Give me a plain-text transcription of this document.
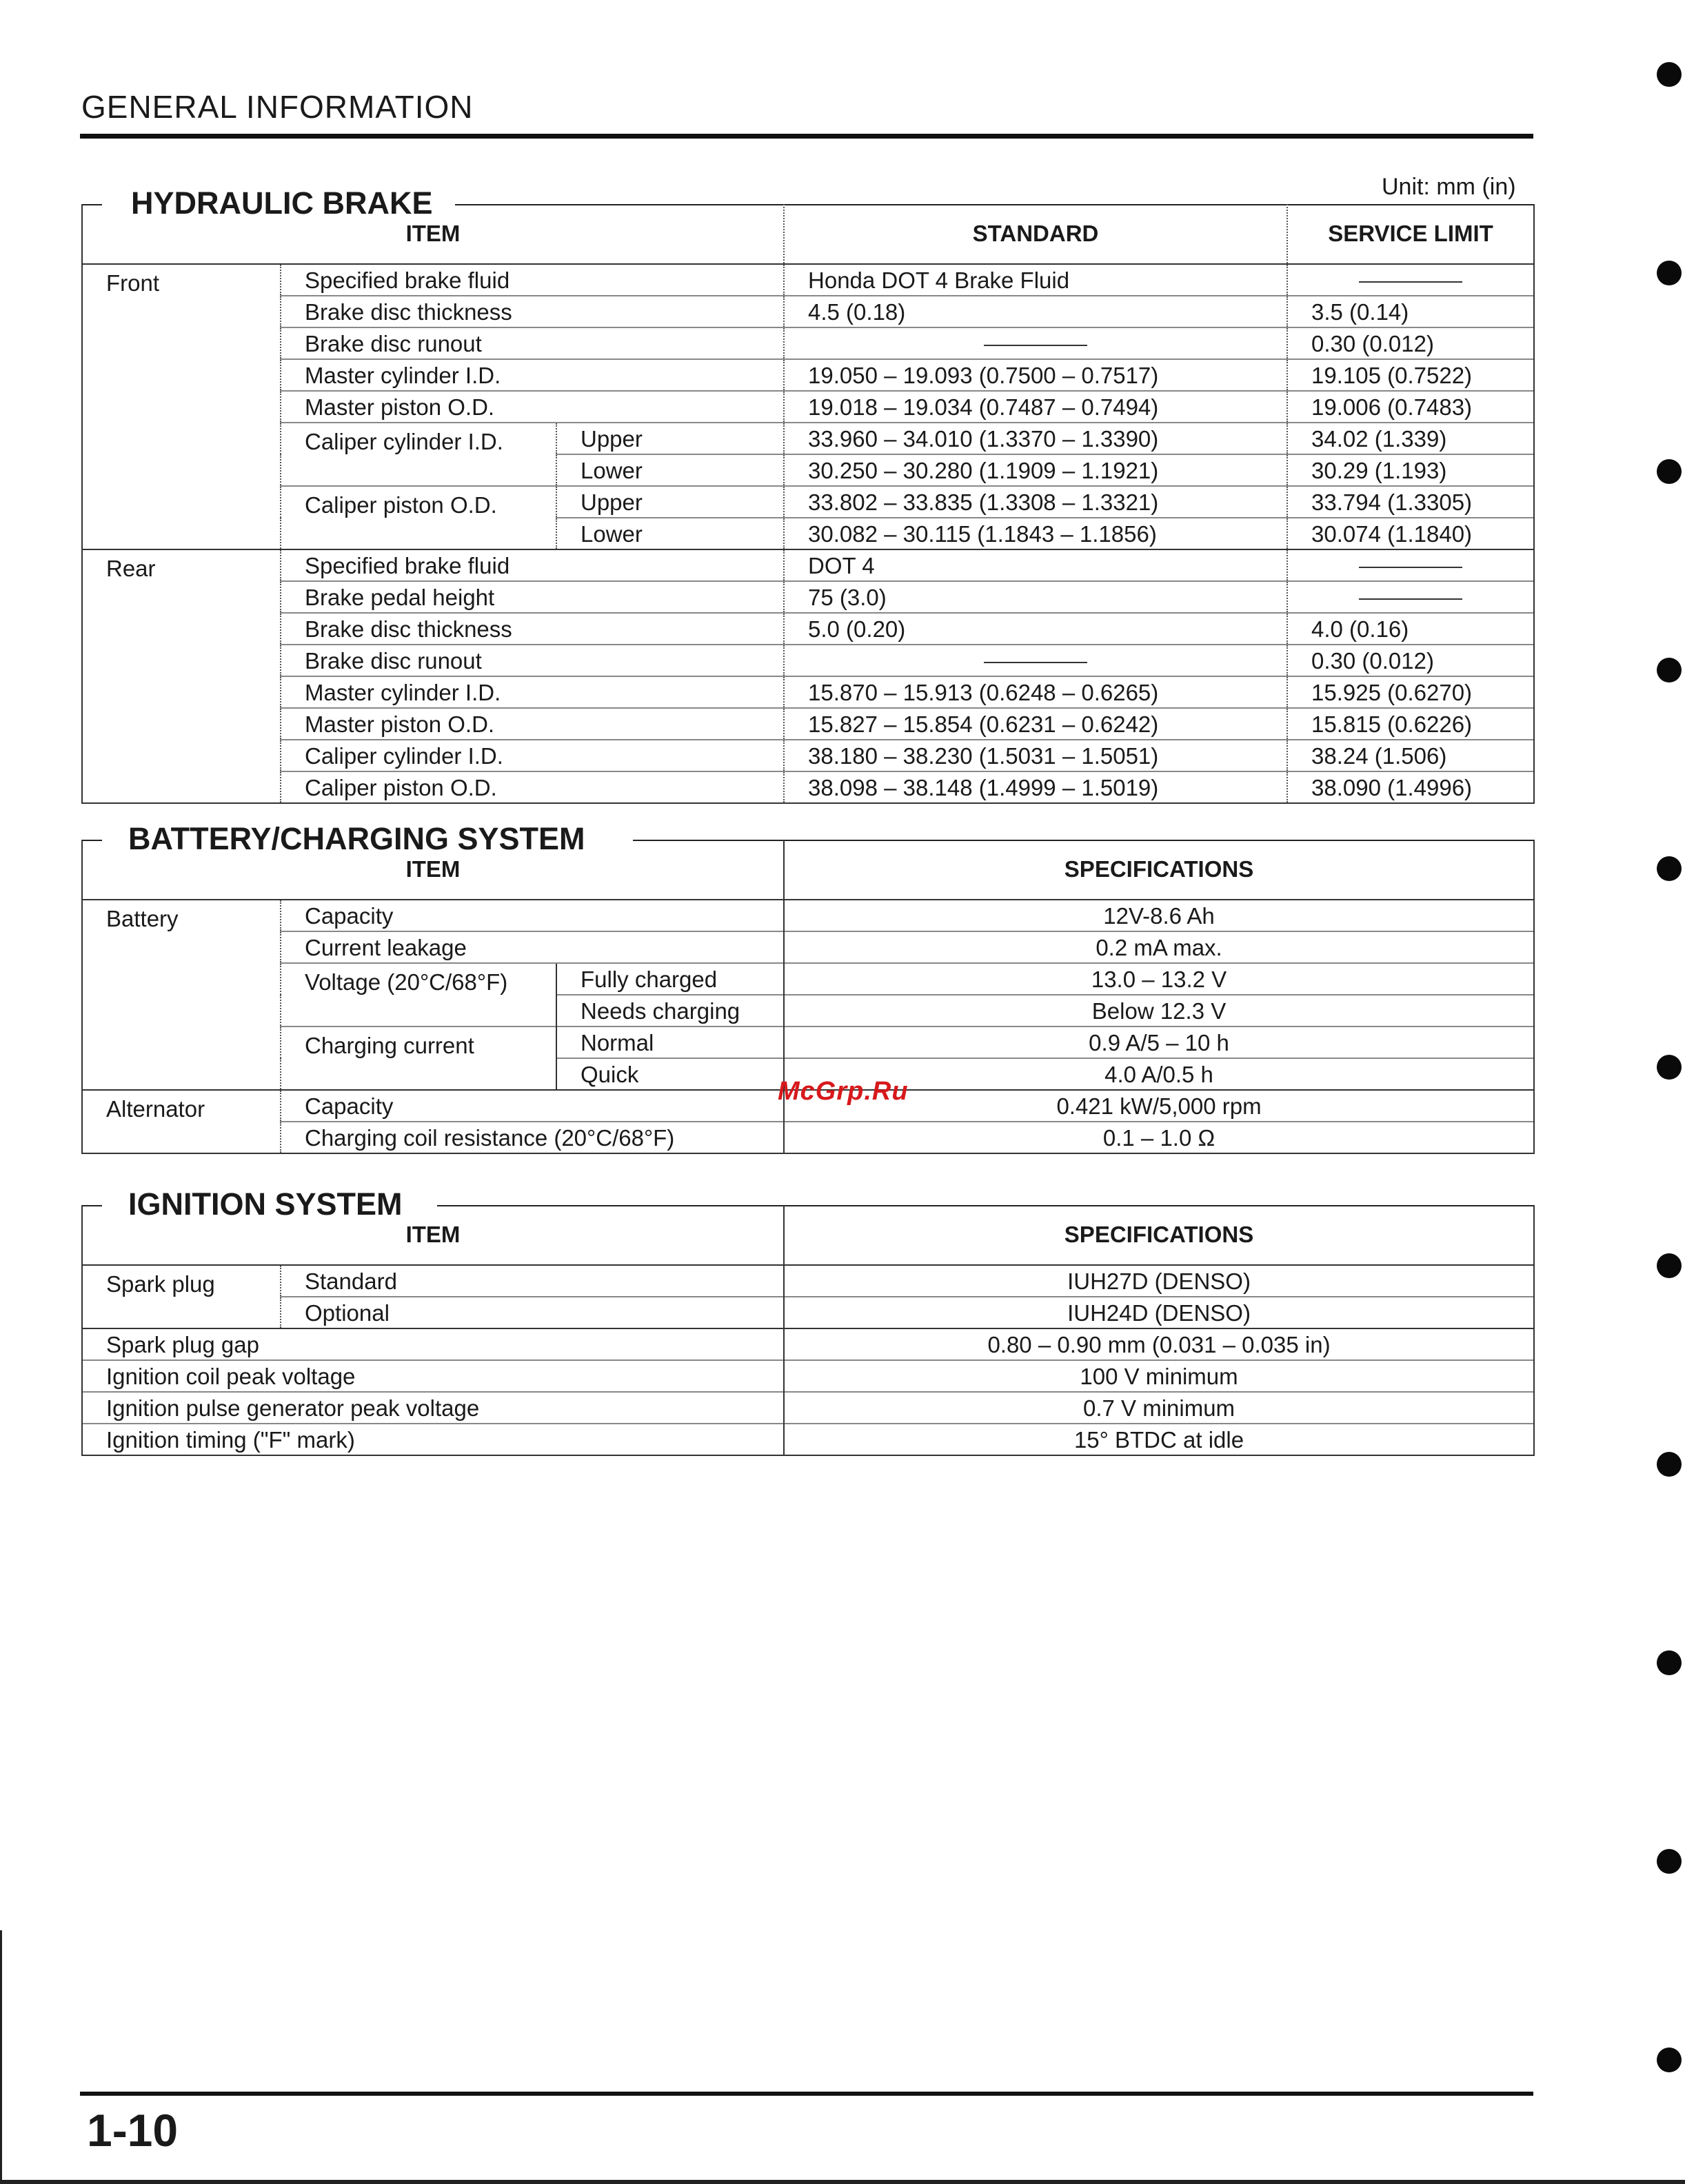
GENERAL INFORMATION
Unit: mm (in)
HYDRAULIC BRAKE
ITEM			STANDARD	SERVICE LIMIT
Front	Specified brake fluid		Honda DOT 4 Brake Fluid	
	Brake disc thickness		4.5 (0.18)	3.5 (0.14)
	Brake disc runout			0.30 (0.012)
	Master cylinder I.D.		19.050 – 19.093 (0.7500 – 0.7517)	19.105 (0.7522)
	Master piston O.D.		19.018 – 19.034 (0.7487 – 0.7494)	19.006 (0.7483)
	Caliper cylinder I.D.	Upper	33.960 – 34.010 (1.3370 – 1.3390)	34.02 (1.339)
		Lower	30.250 – 30.280 (1.1909 – 1.1921)	30.29 (1.193)
	Caliper piston O.D.	Upper	33.802 – 33.835 (1.3308 – 1.3321)	33.794 (1.3305)
		Lower	30.082 – 30.115 (1.1843 – 1.1856)	30.074 (1.1840)
Rear	Specified brake fluid		DOT 4	
	Brake pedal height		75 (3.0)	
	Brake disc thickness		5.0 (0.20)	4.0 (0.16)
	Brake disc runout			0.30 (0.012)
	Master cylinder I.D.		15.870 – 15.913 (0.6248 – 0.6265)	15.925 (0.6270)
	Master piston O.D.		15.827 – 15.854 (0.6231 – 0.6242)	15.815 (0.6226)
	Caliper cylinder I.D.		38.180 – 38.230 (1.5031 – 1.5051)	38.24 (1.506)
	Caliper piston O.D.		38.098 – 38.148 (1.4999 – 1.5019)	38.090 (1.4996)
BATTERY/CHARGING SYSTEM
ITEM			SPECIFICATIONS
Battery	Capacity		12V-8.6 Ah
	Current leakage		0.2 mA max.
	Voltage (20°C/68°F)	Fully charged	13.0 – 13.2 V
		Needs charging	Below 12.3 V
	Charging current	Normal	0.9 A/5 – 10 h
		Quick	4.0 A/0.5 h
Alternator	Capacity		0.421 kW/5,000 rpm
	Charging coil resistance (20°C/68°F)		0.1 – 1.0 Ω
McGrp.Ru
IGNITION SYSTEM
ITEM		SPECIFICATIONS
Spark plug	Standard	IUH27D (DENSO)
	Optional	IUH24D (DENSO)
Spark plug gap		0.80 – 0.90 mm (0.031 – 0.035 in)
Ignition coil peak voltage		100 V minimum
Ignition pulse generator peak voltage		0.7 V minimum
Ignition timing ("F" mark)		15° BTDC at idle
1-10
